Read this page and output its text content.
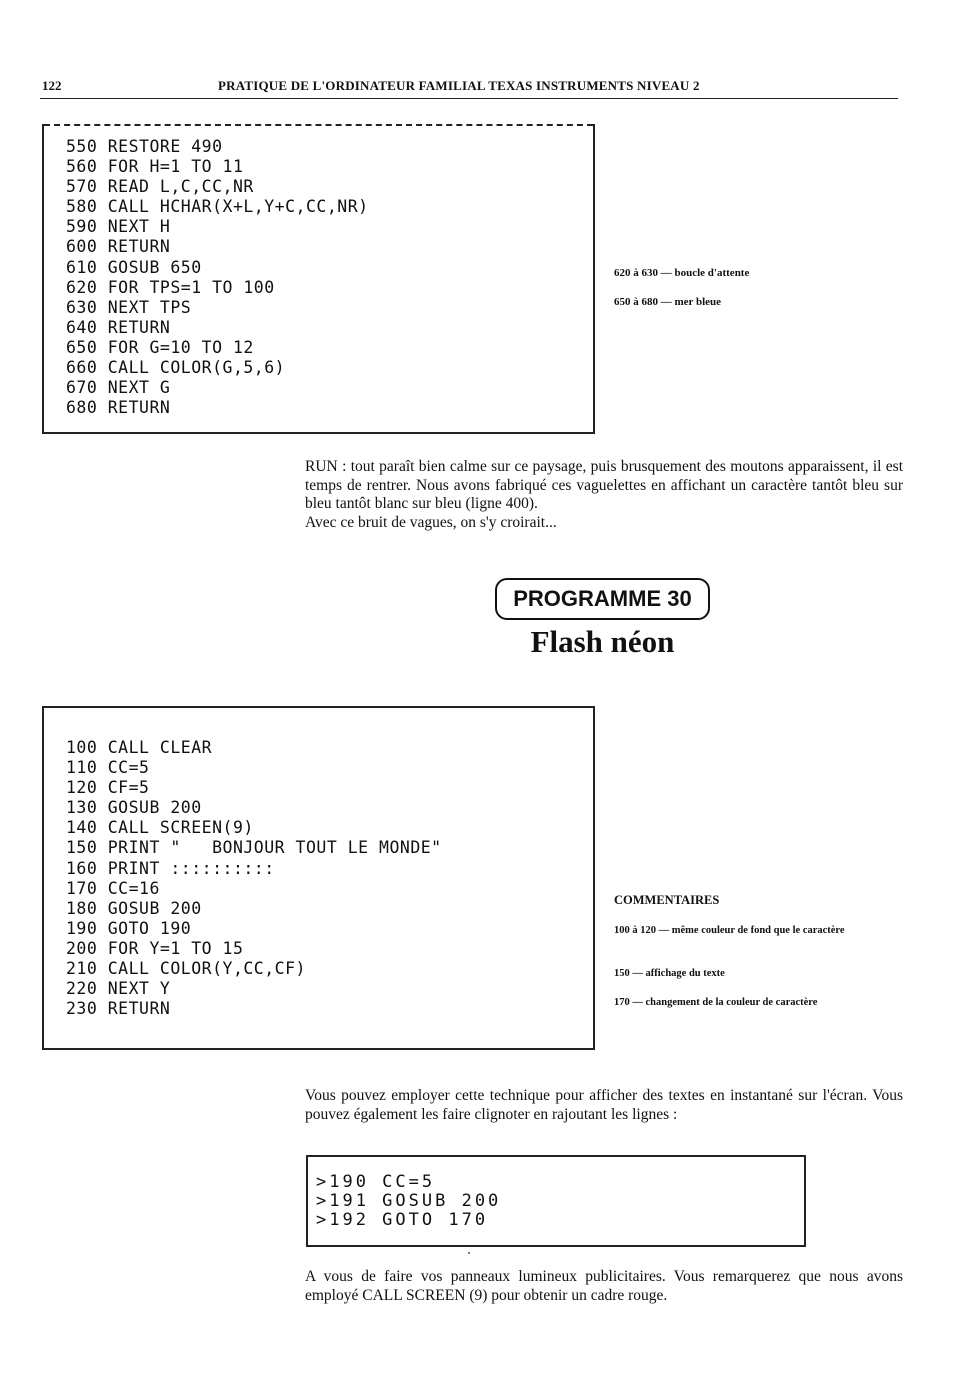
122	PRATIQUE DE L'ORDINATEUR FAMILIAL TEXAS INSTRUMENTS NIVEAU 2
550 RESTORE 490
560 FOR H=1 TO 11
570 READ L,C,CC,NR
580 CALL HCHAR(X+L,Y+C,CC,NR)
590 NEXT H
600 RETURN
610 GOSUB 650
620 FOR TPS=1 TO 100
630 NEXT TPS
640 RETURN
650 FOR G=10 TO 12
660 CALL COLOR(G,5,6)
670 NEXT G
680 RETURN
620 à 630 — boucle d'attente
650 à 680 — mer bleue
RUN : tout paraît bien calme sur ce paysage, puis brusquement des moutons apparaissent, il est temps de rentrer. Nous avons fabriqué ces vaguelettes en affichant un caractère tantôt bleu sur bleu tantôt blanc sur bleu (ligne 400).
Avec ce bruit de vagues, on s'y croirait...
PROGRAMME 30
Flash néon
100 CALL CLEAR
110 CC=5
120 CF=5
130 GOSUB 200
140 CALL SCREEN(9)
150 PRINT "   BONJOUR TOUT LE MONDE"
160 PRINT ::::::::::
170 CC=16
180 GOSUB 200
190 GOTO 190
200 FOR Y=1 TO 15
210 CALL COLOR(Y,CC,CF)
220 NEXT Y
230 RETURN
COMMENTAIRES
100 à 120 — même couleur de fond que le caractère
150 — affichage du texte
170 — changement de la couleur de caractère
Vous pouvez employer cette technique pour afficher des textes en instantané sur l'écran. Vous pouvez également les faire clignoter en rajoutant les lignes :
>190 CC=5
>191 GOSUB 200
>192 GOTO 170
A vous de faire vos panneaux lumineux publicitaires. Vous remarquerez que nous avons employé CALL SCREEN (9) pour obtenir un cadre rouge.
